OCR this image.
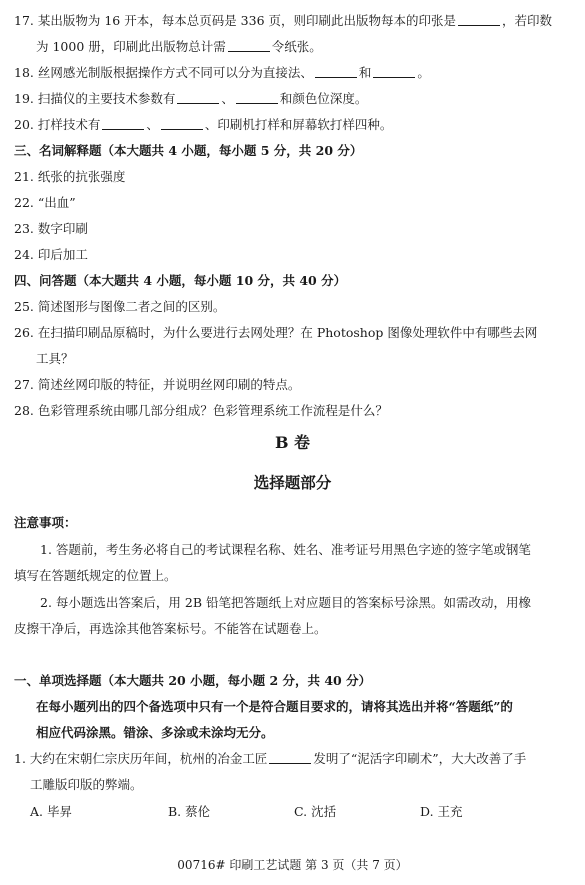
17. 某出版物为 16 开本，每本总页码是 336 页，则印刷此出版物每本的印张是	，若印数
为 1000 册，印刷此出版物总计需	令纸张。
18. 丝网感光制版根据操作方式不同可以分为直接法、	和	。
19. 扫描仪的主要技术参数有	、	和颜色位深度。
20. 打样技术有	、	、印刷机打样和屏幕软打样四种。
三、名词解释题（本大题共 4 小题，每小题 5 分，共 20 分）
21. 纸张的抗张强度
22. “出血”
23. 数字印刷
24. 印后加工
四、问答题（本大题共 4 小题，每小题 10 分，共 40 分）
25. 简述图形与图像二者之间的区别。
26. 在扫描印刷品原稿时，为什么要进行去网处理？在 Photoshop 图像处理软件中有哪些去网
工具？
27. 简述丝网印版的特征，并说明丝网印刷的特点。
28. 色彩管理系统由哪几部分组成？色彩管理系统工作流程是什么？
B 卷
选择题部分
注意事项：
1. 答题前，考生务必将自己的考试课程名称、姓名、准考证号用黑色字迹的签字笔或钢笔
填写在答题纸规定的位置上。
2. 每小题选出答案后，用 2B 铅笔把答题纸上对应题目的答案标号涂黑。如需改动，用橡
皮擦干净后，再选涂其他答案标号。不能答在试题卷上。
一、单项选择题（本大题共 20 小题，每小题 2 分，共 40 分）
在每小题列出的四个备选项中只有一个是符合题目要求的，请将其选出并将“答题纸”的
相应代码涂黑。错涂、多涂或未涂均无分。
1. 大约在宋朝仁宗庆历年间，杭州的冶金工匠	发明了“泥活字印刷术”，大大改善了手
工雕版印版的弊端。
A. 毕昇	B. 蔡伦	C. 沈括	D. 王充
00716# 印刷工艺试题 第 3 页（共 7 页）
